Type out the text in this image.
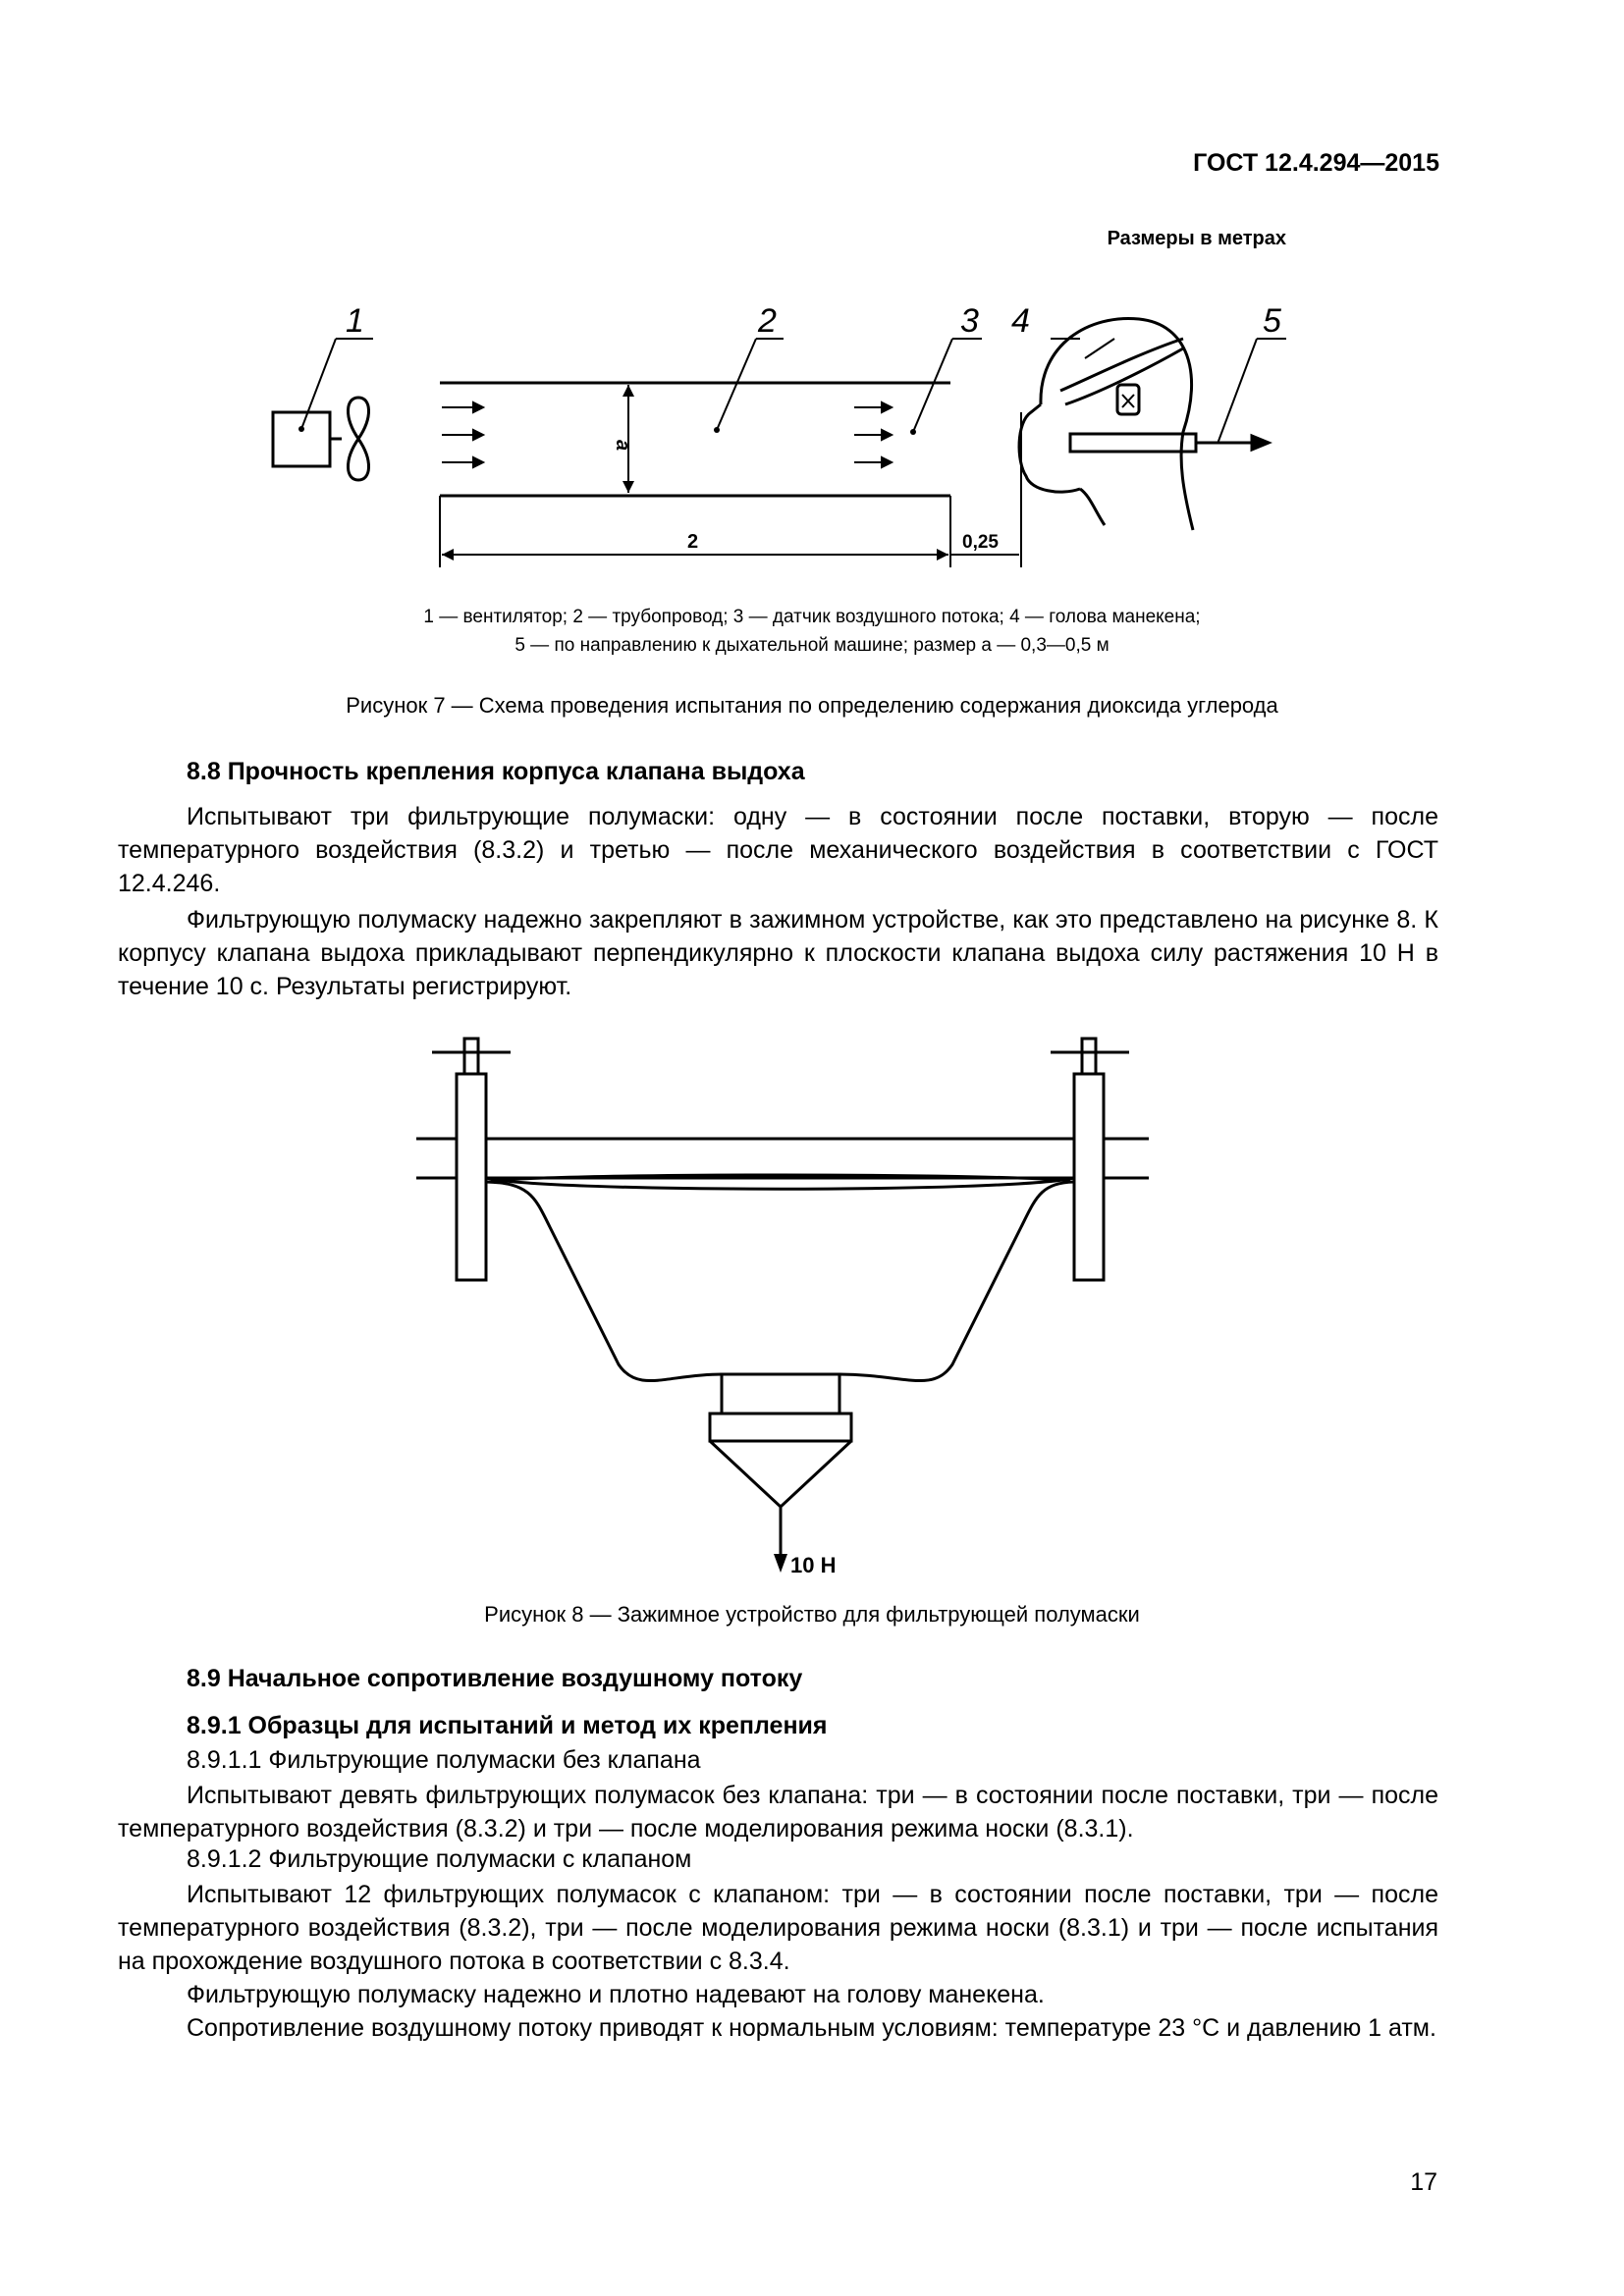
ГОСТ 12.4.294—2015
Размеры в метрах
1	2	3 4	5
a
2	0,25
1 — вентилятор; 2 — трубопровод; 3 — датчик воздушного потока; 4 — голова манекена;
5 — по направлению к дыхательной машине; размер a — 0,3—0,5 м
Рисунок 7 — Схема проведения испытания по определению содержания диоксида углерода
8.8 Прочность крепления корпуса клапана выдоха
Испытывают три фильтрующие полумаски: одну — в состоянии после поставки, вторую — после температурного воздействия (8.3.2) и третью — после механического воздействия в соответствии с ГОСТ 12.4.246.
Фильтрующую полумаску надежно закрепляют в зажимном устройстве, как это представлено на рисунке 8. К корпусу клапана выдоха прикладывают перпендикулярно к плоскости клапана выдоха силу растяжения 10 Н в течение 10 с. Результаты регистрируют.
10 Н
Рисунок 8 — Зажимное устройство для фильтрующей полумаски
8.9 Начальное сопротивление воздушному потоку
8.9.1 Образцы для испытаний и метод их крепления
8.9.1.1 Фильтрующие полумаски без клапана
Испытывают девять фильтрующих полумасок без клапана: три — в состоянии после поставки, три — после температурного воздействия (8.3.2) и три — после моделирования режима носки (8.3.1).
8.9.1.2 Фильтрующие полумаски с клапаном
Испытывают 12 фильтрующих полумасок с клапаном: три — в состоянии после поставки, три — после температурного воздействия (8.3.2), три — после моделирования режима носки (8.3.1) и три — после испытания на прохождение воздушного потока в соответствии с 8.3.4.
Фильтрующую полумаску надежно и плотно надевают на голову манекена.
Сопротивление воздушному потоку приводят к нормальным условиям: температуре 23 °С и давлению 1 атм.
17
